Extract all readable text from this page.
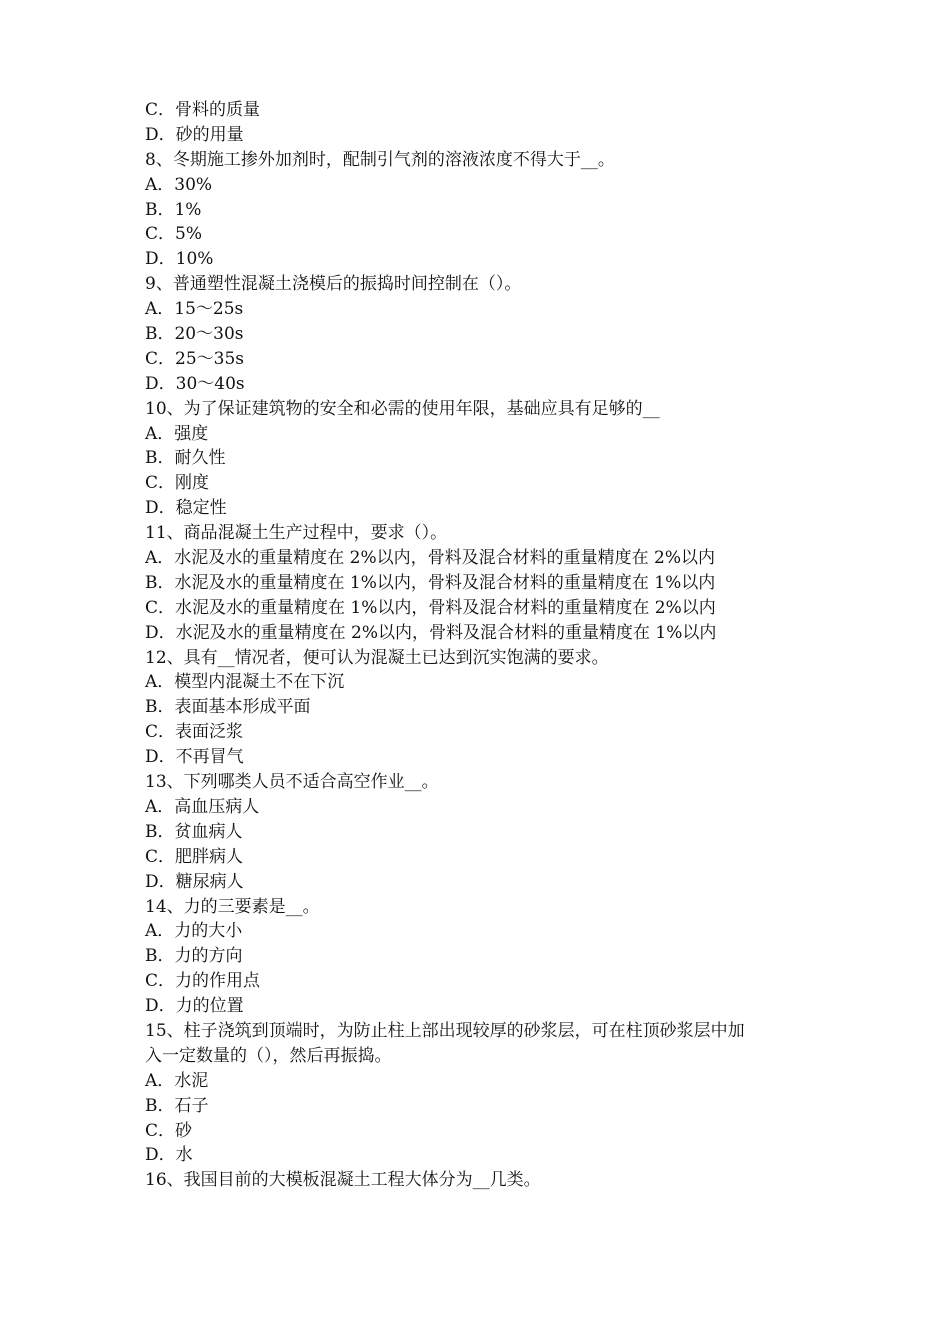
C．骨料的质量
D．砂的用量
8、冬期施工掺外加剂时，配制引气剂的溶液浓度不得大于__。
A．30%
B．1%
C．5%
D．10%
9、普通塑性混凝土浇模后的振捣时间控制在（）。
A．15～25s
B．20～30s
C．25～35s
D．30～40s
10、为了保证建筑物的安全和必需的使用年限，基础应具有足够的__
A．强度
B．耐久性
C．刚度
D．稳定性
11、商品混凝土生产过程中，要求（）。
A．水泥及水的重量精度在 2%以内，骨料及混合材料的重量精度在 2%以内
B．水泥及水的重量精度在 1%以内，骨料及混合材料的重量精度在 1%以内
C．水泥及水的重量精度在 1%以内，骨料及混合材料的重量精度在 2%以内
D．水泥及水的重量精度在 2%以内，骨料及混合材料的重量精度在 1%以内
12、具有__情况者，便可认为混凝土已达到沉实饱满的要求。
A．模型内混凝土不在下沉
B．表面基本形成平面
C．表面泛浆
D．不再冒气
13、下列哪类人员不适合高空作业__。
A．高血压病人
B．贫血病人
C．肥胖病人
D．糖尿病人
14、力的三要素是__。
A．力的大小
B．力的方向
C．力的作用点
D．力的位置
15、柱子浇筑到顶端时，为防止柱上部出现较厚的砂浆层，可在柱顶砂浆层中加
入一定数量的（），然后再振捣。
A．水泥
B．石子
C．砂
D．水
16、我国目前的大模板混凝土工程大体分为__几类。
